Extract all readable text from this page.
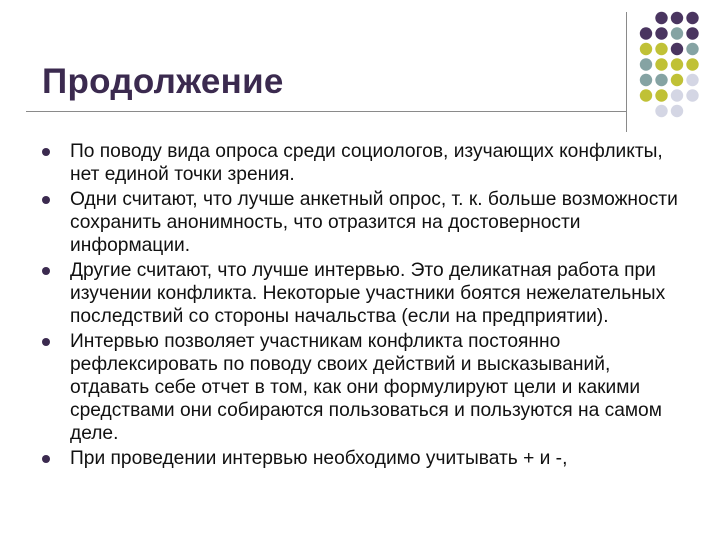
Продолжение
По поводу вида опроса среди социологов, изучающих конфликты, нет единой точки зрения.
Одни считают, что лучше анкетный опрос, т. к. больше возможности сохранить анонимность, что отразится на достоверности информации.
Другие считают, что лучше интервью. Это деликатная работа при изучении конфликта. Некоторые участники боятся нежелательных последствий со стороны начальства (если на предприятии).
Интервью позволяет участникам конфликта постоянно рефлексировать по поводу своих действий и высказываний, отдавать себе отчет в том, как они формулируют цели и какими средствами они собираются пользоваться и пользуются на самом деле.
При проведении интервью необходимо учитывать + и -,
